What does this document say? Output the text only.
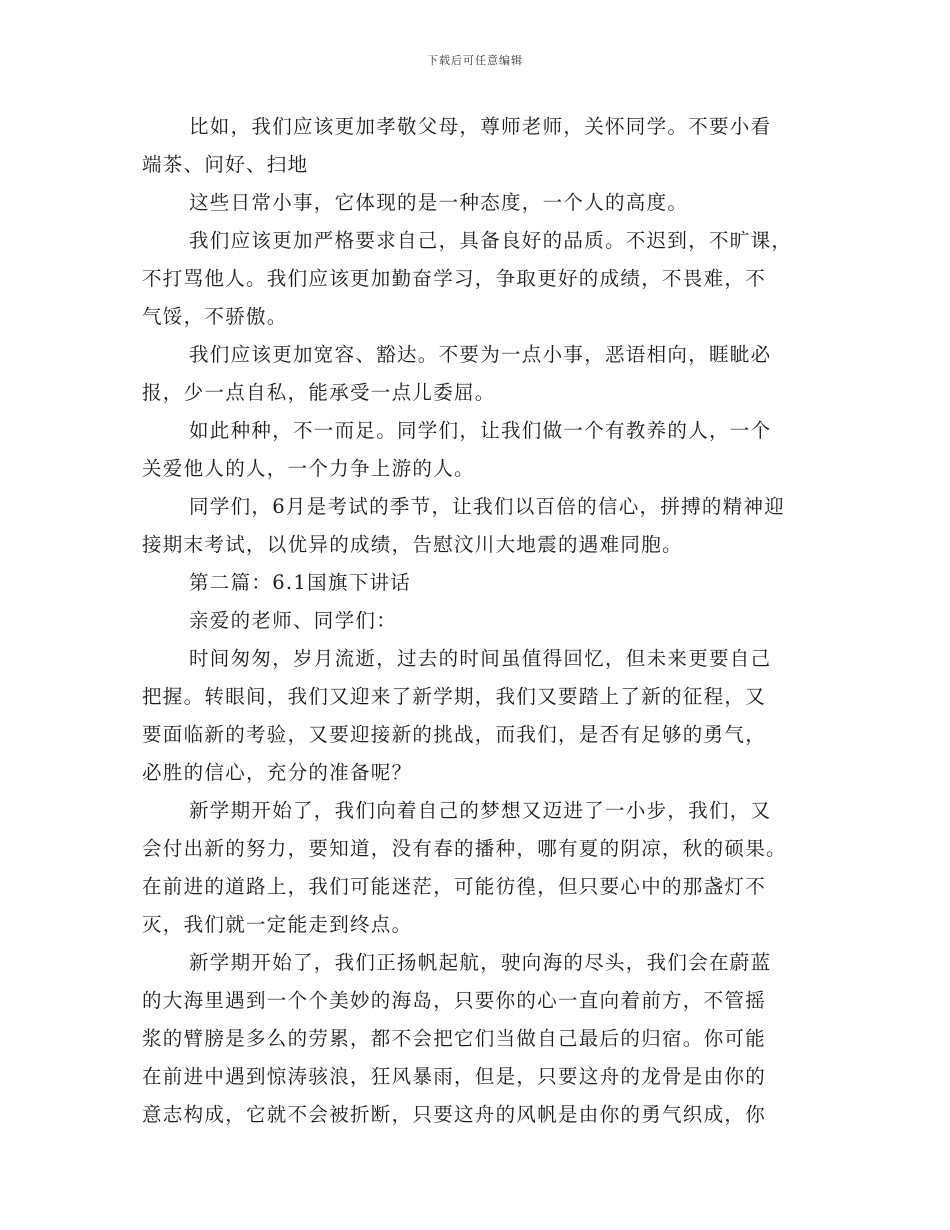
下载后可任意编辑
比如，我们应该更加孝敬父母，尊师老师，关怀同学。不要小看
端茶、问好、扫地
这些日常小事，它体现的是一种态度，一个人的高度。
我们应该更加严格要求自己，具备良好的品质。不迟到，不旷课，
不打骂他人。我们应该更加勤奋学习，争取更好的成绩，不畏难，不
气馁，不骄傲。
我们应该更加宽容、豁达。不要为一点小事，恶语相向，睚眦必
报，少一点自私，能承受一点儿委屈。
如此种种，不一而足。同学们，让我们做一个有教养的人，一个
关爱他人的人，一个力争上游的人。
同学们，6月是考试的季节，让我们以百倍的信心，拼搏的精神迎
接期末考试，以优异的成绩，告慰汶川大地震的遇难同胞。
第二篇：6.1国旗下讲话
亲爱的老师、同学们：
时间匆匆，岁月流逝，过去的时间虽值得回忆，但未来更要自己
把握。转眼间，我们又迎来了新学期，我们又要踏上了新的征程，又
要面临新的考验，又要迎接新的挑战，而我们，是否有足够的勇气，
必胜的信心，充分的准备呢？
新学期开始了，我们向着自己的梦想又迈进了一小步，我们，又
会付出新的努力，要知道，没有春的播种，哪有夏的阴凉，秋的硕果。
在前进的道路上，我们可能迷茫，可能彷徨，但只要心中的那盏灯不
灭，我们就一定能走到终点。
新学期开始了，我们正扬帆起航，驶向海的尽头，我们会在蔚蓝
的大海里遇到一个个美妙的海岛，只要你的心一直向着前方，不管摇
浆的臂膀是多么的劳累，都不会把它们当做自己最后的归宿。你可能
在前进中遇到惊涛骇浪，狂风暴雨，但是，只要这舟的龙骨是由你的
意志构成，它就不会被折断，只要这舟的风帆是由你的勇气织成，你
